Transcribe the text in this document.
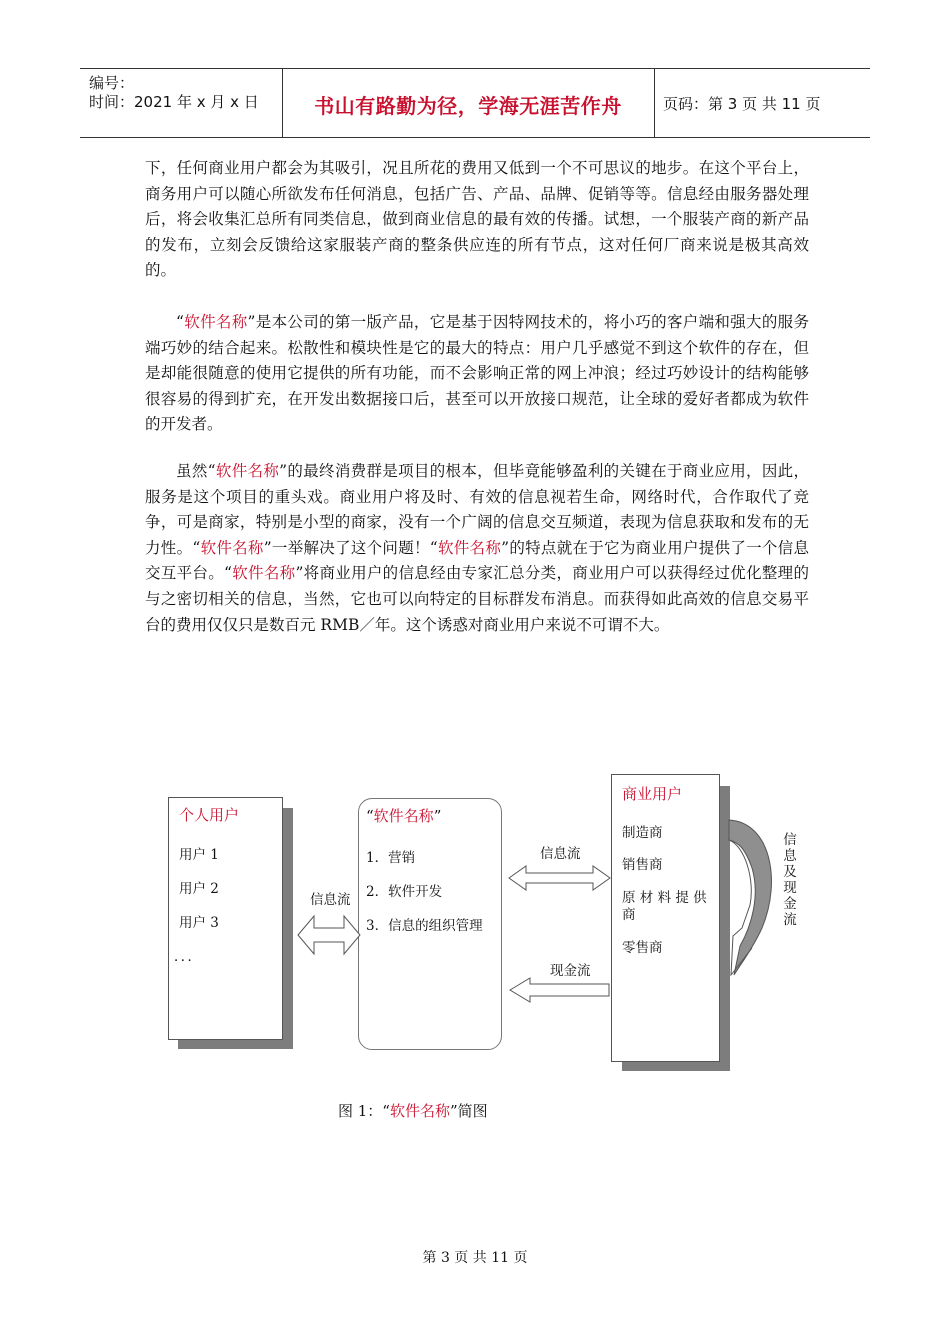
编号：
时间：2021 年 x 月 x 日	书山有路勤为径，学海无涯苦作舟	页码：第 3 页 共 11 页
下，任何商业用户都会为其吸引，况且所花的费用又低到一个不可思议的地步。在这个平台上，商务用户可以随心所欲发布任何消息，包括广告、产品、品牌、促销等等。信息经由服务器处理后，将会收集汇总所有同类信息，做到商业信息的最有效的传播。试想，一个服装产商的新产品的发布，立刻会反馈给这家服装产商的整条供应连的所有节点，这对任何厂商来说是极其高效的。
“软件名称”是本公司的第一版产品，它是基于因特网技术的，将小巧的客户端和强大的服务端巧妙的结合起来。松散性和模块性是它的最大的特点：用户几乎感觉不到这个软件的存在，但是却能很随意的使用它提供的所有功能，而不会影响正常的网上冲浪；经过巧妙设计的结构能够很容易的得到扩充，在开发出数据接口后，甚至可以开放接口规范，让全球的爱好者都成为软件的开发者。
虽然“软件名称”的最终消费群是项目的根本，但毕竟能够盈利的关键在于商业应用，因此，服务是这个项目的重头戏。商业用户将及时、有效的信息视若生命，网络时代，合作取代了竞争，可是商家，特别是小型的商家，没有一个广阔的信息交互频道，表现为信息获取和发布的无力性。“软件名称”一举解决了这个问题！“软件名称”的特点就在于它为商业用户提供了一个信息交互平台。“软件名称”将商业用户的信息经由专家汇总分类，商业用户可以获得经过优化整理的与之密切相关的信息，当然，它也可以向特定的目标群发布消息。而获得如此高效的信息交易平台的费用仅仅只是数百元 RMB／年。这个诱惑对商业用户来说不可谓不大。
个人用户
用户 1
用户 2
用户 3
．．．
“软件名称”
1．营销
2．软件开发
3．信息的组织管理
商业用户
制造商
销售商
原 材 料 提 供
商
零售商
信息流
信息流
现金流
信
息
及
现
金
流
图 1：“软件名称”简图
第 3 页 共 11 页
